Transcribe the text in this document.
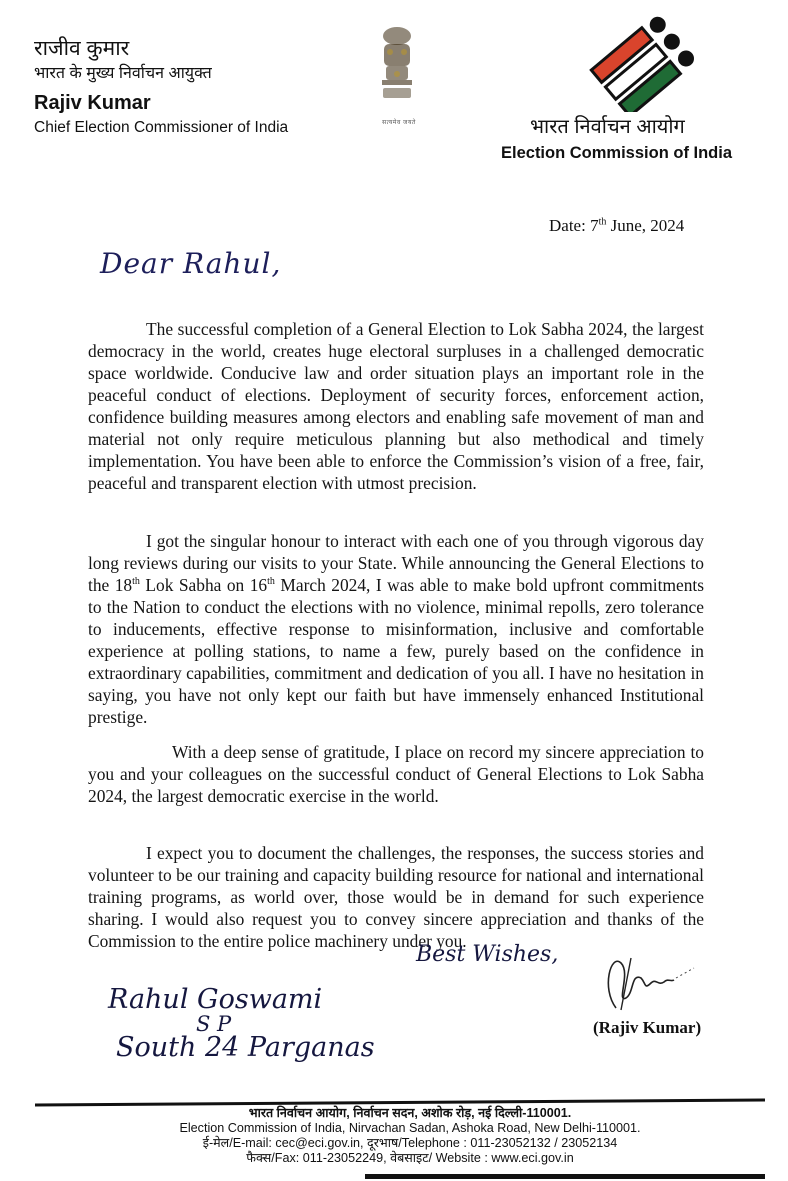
राजीव कुमार
भारत के मुख्य निर्वाचन आयुक्त
Rajiv Kumar
Chief Election Commissioner of India	सत्यमेव जयते	भारत निर्वाचन आयोग
Election Commission of India
Date: 7th June, 2024
Dear Rahul,

The successful completion of a General Election to Lok Sabha 2024, the largest democracy in the world, creates huge electoral surpluses in a challenged democratic space worldwide. Conducive law and order situation plays an important role in the peaceful conduct of elections. Deployment of security forces, enforcement action, confidence building measures among electors and enabling safe movement of man and material not only require meticulous planning but also methodical and timely implementation. You have been able to enforce the Commission’s vision of a free, fair, peaceful and transparent election with utmost precision.

I got the singular honour to interact with each one of you through vigorous day long reviews during our visits to your State. While announcing the General Elections to the 18th Lok Sabha on 16th March 2024, I was able to make bold upfront commitments to the Nation to conduct the elections with no violence, minimal repolls, zero tolerance to inducements, effective response to misinformation, inclusive and comfortable experience at polling stations, to name a few, purely based on the confidence in extraordinary capabilities, commitment and dedication of you all. I have no hesitation in saying, you have not only kept our faith but have immensely enhanced Institutional prestige.

With a deep sense of gratitude, I place on record my sincere appreciation to you and your colleagues on the successful conduct of General Elections to Lok Sabha 2024, the largest democratic exercise in the world.

I expect you to document the challenges, the responses, the success stories and volunteer to be our training and capacity building resource for national and international training programs, as world over, those would be in demand for such experience sharing. I would also request you to convey sincere appreciation and thanks of the Commission to the entire police machinery under you.

Best Wishes,
(Rajiv Kumar)
Rahul Goswami
S P
South 24 Parganas
भारत निर्वाचन आयोग, निर्वाचन सदन, अशोक रोड़, नई दिल्ली-110001.
Election Commission of India, Nirvachan Sadan, Ashoka Road, New Delhi-110001.
ई-मेल/E-mail: cec@eci.gov.in, दूरभाष/Telephone : 011-23052132 / 23052134
फैक्स/Fax: 011-23052249, वेबसाइट/ Website : www.eci.gov.in
